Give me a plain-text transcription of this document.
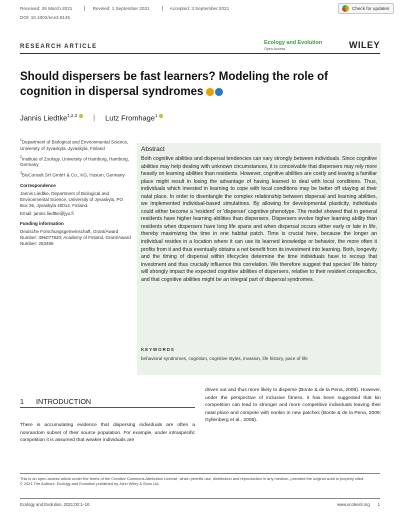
Received: 26 March 2021	Revised: 1 September 2021	Accepted: 3 September 2021
DOI: 10.1002/ece3.8145
Check for updates
RESEARCH ARTICLE
Ecology and Evolution
Open Access	WILEY
Should dispersers be fast learners? Modeling the role of cognition in dispersal syndromes
Jannis Liedtke$^{1,2,3}$ | Lutz Fromhage$^1$

$^1$Department of Biological and Environmental Science, University of Jyvaskyla, Jyvaskyla, Finland

$^2$Institute of Zoology, University of Hamburg, Hamburg, Germany

$^3$BioConsult SH GmbH & Co., KG, Husum, Germany

Correspondence

Jannis Liedtke, Department of Biological and Environmental Science, University of Jyvaskyla, PO Box 35, Jyvaskyla 40014, Finland.

Email: jannis.liedtke@jyu.fi

Funding information

Deutsche Forschungsgemeinschaft, Grant/Award Number: 396077820; Academy of Finland, Grant/Award Number: 283486

Abstract
Both cognitive abilities and dispersal tendencies can vary strongly between individuals. Since cognitive abilities may help dealing with unknown circumstances, it is conceivable that dispersers may rely more heavily on learning abilities than residents. However, cognitive abilities are costly and leaving a familiar place might result in losing the advantage of having learned to deal with local conditions. Thus, individuals which invested in learning to cope with local conditions may be better off staying at their natal place. In order to disentangle the complex relationship between dispersal and learning abilities, we implemented individual-based simulations. By allowing for developmental plasticity, individuals could either become a 'resident' or 'disperser' cognitive phenotype. The model showed that in general residents have higher learning abilities than dispersers. Dispersers evolve higher learning ability than residents when dispersers have long life spans and when dispersal occurs either early or late in life, thereby maximizing the time in one habitat patch. Time is crucial here, because the longer an individual resides in a location where it can use its learned knowledge or behavior, the more often it profits from it and thus eventually obtains a net benefit from its investment into learning. Both, longevity and the timing of dispersal within lifecycles determine the time individuals have to recoup that investment and thus crucially influence this correlation. We therefore suggest that species' life history will strongly impact the expected cognitive abilities of dispersers, relative to their resident conspecifics, and that cognitive abilities might be an integral part of dispersal syndromes.
KEYWORDS
behavioral syndromes, cognition, cognitive styles, invasion, life history, pace of life
1 INTRODUCTION
There is accumulating evidence that dispersing individuals are often a nonrandom subset of their source population. For example, under intraspecific competition it is assumed that weaker individuals are
driven out and thus more likely to disperse (Bonte & de la Pena, 2009). However, under the perspective of inclusive fitness, it has been suggested that kin competition can lead to stronger and more competitive individuals leaving their natal place and compete with nonkin in new patches (Bonte & de la Pena, 2009; Gyllenberg et al., 2008).
This is an open access article under the terms of the Creative Commons Attribution License, which permits use, distribution and reproduction in any medium, provided the original work is properly cited.
© 2021 The Authors. Ecology and Evolution published by John Wiley & Sons Ltd.
Ecology and Evolution. 2021;00:1–10.	www.ecolevol.org 1
